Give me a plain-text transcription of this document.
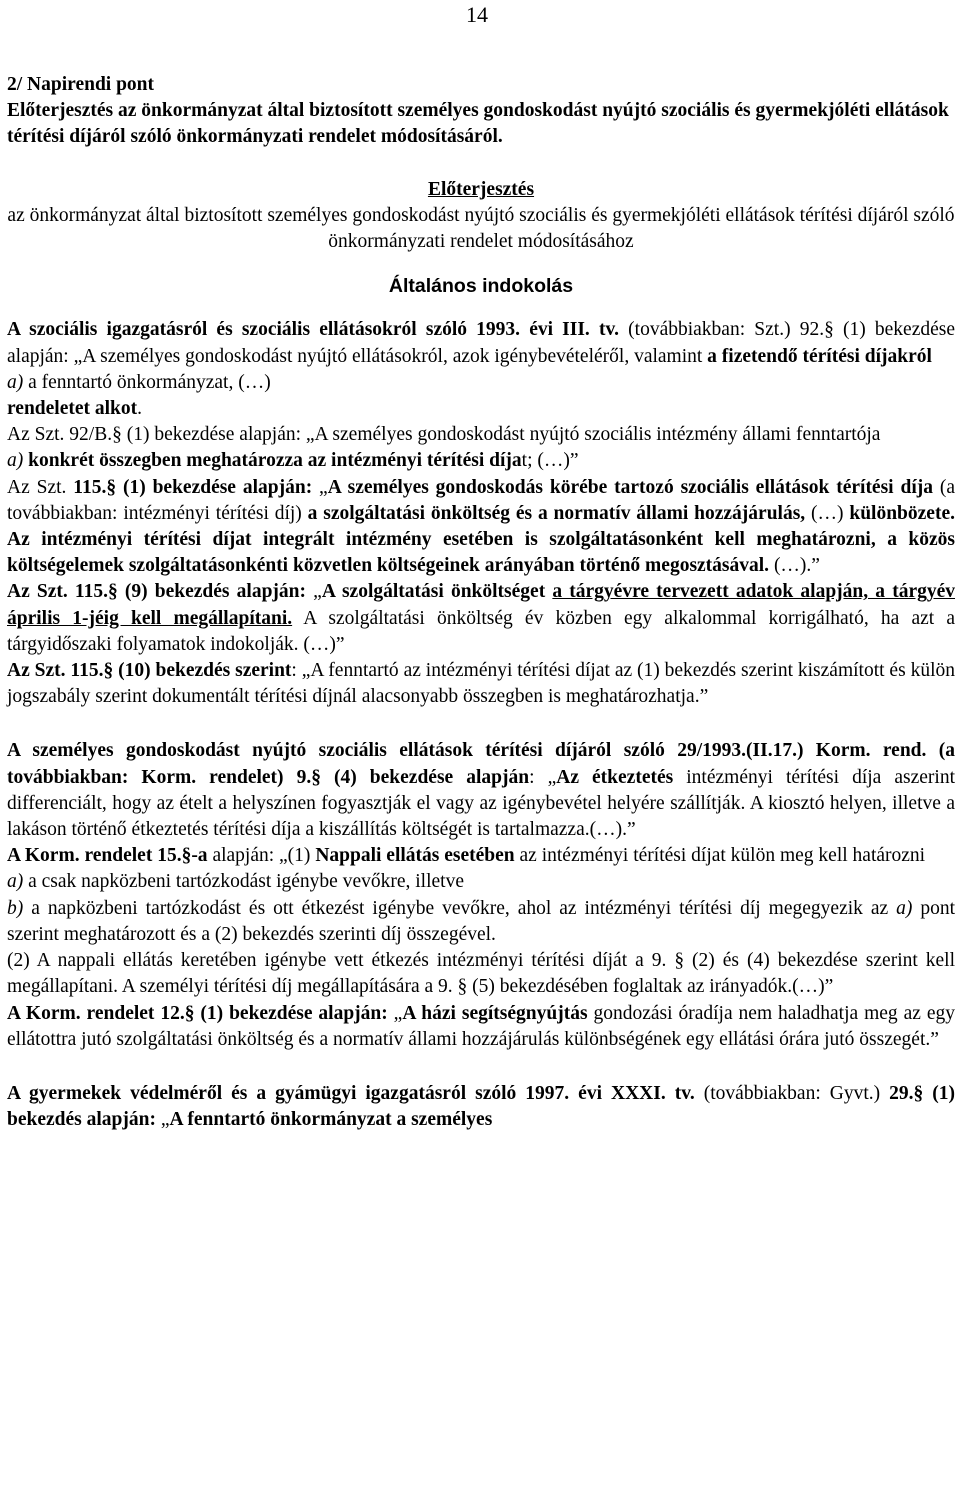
14

2/ Napirendi pont

Előterjesztés az önkormányzat által biztosított személyes gondoskodást nyújtó szociális és gyermekjóléti ellátások térítési díjáról szóló önkormányzati rendelet módosításáról.

Előterjesztés

az önkormányzat által biztosított személyes gondoskodást nyújtó szociális és gyermekjóléti ellátások térítési díjáról szóló önkormányzati rendelet módosításához

Általános indokolás

A szociális igazgatásról és szociális ellátásokról szóló 1993. évi III. tv. (továbbiakban: Szt.) 92.§ (1) bekezdése alapján: „A személyes gondoskodást nyújtó ellátásokról, azok igénybevételéről, valamint a fizetendő térítési díjakról
a) a fenntartó önkormányzat, (…)
rendeletet alkot.

Az Szt. 92/B.§ (1) bekezdése alapján: „A személyes gondoskodást nyújtó szociális intézmény állami fenntartója
a) konkrét összegben meghatározza az intézményi térítési díjat; (…)”

Az Szt. 115.§ (1) bekezdése alapján: „A személyes gondoskodás körébe tartozó szociális ellátások térítési díja (a továbbiakban: intézményi térítési díj) a szolgáltatási önköltség és a normatív állami hozzájárulás, (…) különbözete. Az intézményi térítési díjat integrált intézmény esetében is szolgáltatásonként kell meghatározni, a közös költségelemek szolgáltatásonkénti közvetlen költségeinek arányában történő megosztásával. (…).”

Az Szt. 115.§ (9) bekezdés alapján: „A szolgáltatási önköltséget a tárgyévre tervezett adatok alapján, a tárgyév április 1-jéig kell megállapítani. A szolgáltatási önköltség év közben egy alkalommal korrigálható, ha azt a tárgyidőszaki folyamatok indokolják. (…)”

Az Szt. 115.§ (10) bekezdés szerint: „A fenntartó az intézményi térítési díjat az (1) bekezdés szerint kiszámított és külön jogszabály szerint dokumentált térítési díjnál alacsonyabb összegben is meghatározhatja.”

A személyes gondoskodást nyújtó szociális ellátások térítési díjáról szóló 29/1993.(II.17.) Korm. rend. (a továbbiakban: Korm. rendelet) 9.§ (4) bekezdése alapján: „Az étkeztetés intézményi térítési díja aszerint differenciált, hogy az ételt a helyszínen fogyasztják el vagy az igénybevétel helyére szállítják. A kiosztó helyen, illetve a lakáson történő étkeztetés térítési díja a kiszállítás költségét is tartalmazza.(…).”

A Korm. rendelet 15.§-a alapján: „(1) Nappali ellátás esetében az intézményi térítési díjat külön meg kell határozni
a) a csak napközbeni tartózkodást igénybe vevőkre, illetve
b) a napközbeni tartózkodást és ott étkezést igénybe vevőkre, ahol az intézményi térítési díj megegyezik az a) pont szerint meghatározott és a (2) bekezdés szerinti díj összegével.
(2) A nappali ellátás keretében igénybe vett étkezés intézményi térítési díját a 9. § (2) és (4) bekezdése szerint kell megállapítani. A személyi térítési díj megállapítására a 9. § (5) bekezdésében foglaltak az irányadók.(…)”

A Korm. rendelet 12.§ (1) bekezdése alapján: „A házi segítségnyújtás gondozási óradíja nem haladhatja meg az egy ellátottra jutó szolgáltatási önköltség és a normatív állami hozzájárulás különbségének egy ellátási órára jutó összegét.”

A gyermekek védelméről és a gyámügyi igazgatásról szóló 1997. évi XXXI. tv. (továbbiakban: Gyvt.) 29.§ (1) bekezdés alapján: „A fenntartó önkormányzat a személyes
